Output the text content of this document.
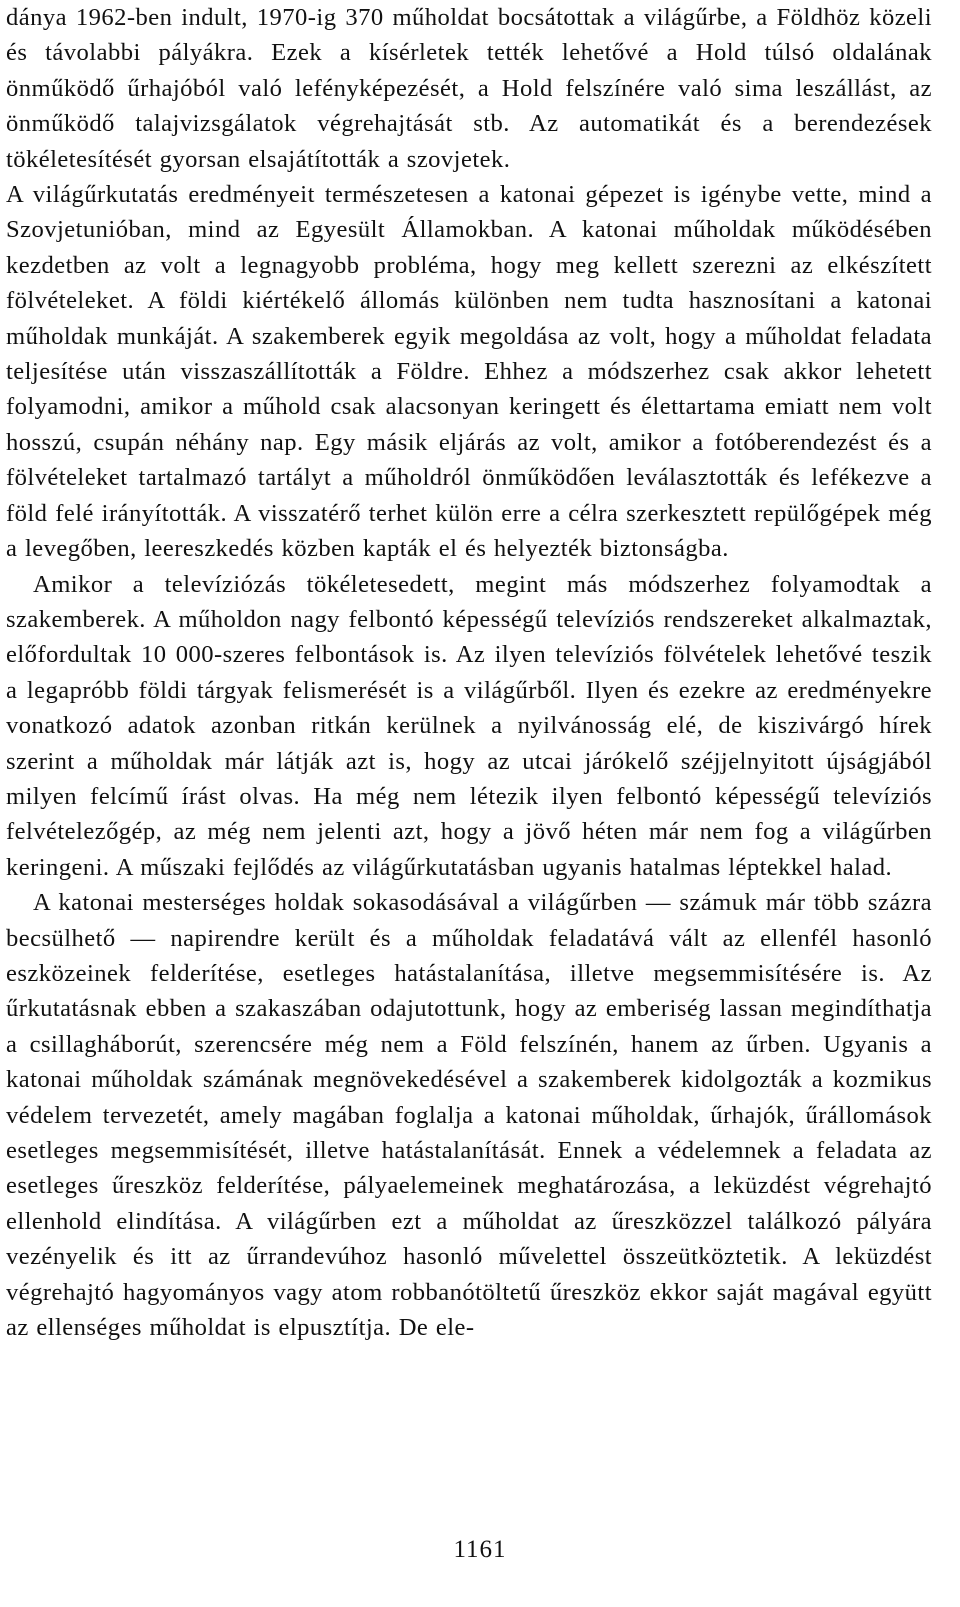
dánya 1962-ben indult, 1970-ig 370 műholdat bocsátottak a világűrbe, a Földhöz közeli és távolabbi pályákra. Ezek a kísérletek tették lehetővé a Hold túlsó oldalának önműködő űrhajóból való lefényképezését, a Hold felszínére való sima leszállást, az önműködő talajvizsgálatok végrehajtását stb. Az automatikát és a berendezések tökéletesítését gyorsan elsajátították a szovjetek.

A világűrkutatás eredményeit természetesen a katonai gépezet is igénybe vette, mind a Szovjetunióban, mind az Egyesült Államokban. A katonai műholdak működésében kezdetben az volt a legnagyobb probléma, hogy meg kellett szerezni az elkészített fölvételeket. A földi kiértékelő állomás különben nem tudta hasznosítani a katonai műholdak munkáját. A szakemberek egyik megoldása az volt, hogy a műholdat feladata teljesítése után visszaszállították a Földre. Ehhez a módszerhez csak akkor lehetett folyamodni, amikor a műhold csak alacsonyan keringett és élettartama emiatt nem volt hosszú, csupán néhány nap. Egy másik eljárás az volt, amikor a fotóberendezést és a fölvételeket tartalmazó tartályt a műholdról önműködően leválasztották és lefékezve a föld felé irányították. A visszatérő terhet külön erre a célra szerkesztett repülőgépek még a levegőben, leereszkedés közben kapták el és helyezték biztonságba.

Amikor a televíziózás tökéletesedett, megint más módszerhez folyamodtak a szakemberek. A műholdon nagy felbontó képességű televíziós rendszereket alkalmaztak, előfordultak 10 000-szeres felbontások is. Az ilyen televíziós fölvételek lehetővé teszik a legapróbb földi tárgyak felismerését is a világűrből. Ilyen és ezekre az eredményekre vonatkozó adatok azonban ritkán kerülnek a nyilvánosság elé, de kiszivárgó hírek szerint a műholdak már látják azt is, hogy az utcai járókelő széjjelnyitott újságjából milyen felcímű írást olvas. Ha még nem létezik ilyen felbontó képességű televíziós felvételezőgép, az még nem jelenti azt, hogy a jövő héten már nem fog a világűrben keringeni. A műszaki fejlődés az világűrkutatásban ugyanis hatalmas léptekkel halad.

A katonai mesterséges holdak sokasodásával a világűrben — számuk már több százra becsülhető — napirendre került és a műholdak feladatává vált az ellenfél hasonló eszközeinek felderítése, esetleges hatástalanítása, illetve megsemmisítésére is. Az űrkutatásnak ebben a szakaszában odajutottunk, hogy az emberiség lassan megindíthatja a csillagháborút, szerencsére még nem a Föld felszínén, hanem az űrben. Ugyanis a katonai műholdak számának megnövekedésével a szakemberek kidolgozták a kozmikus védelem tervezetét, amely magában foglalja a katonai műholdak, űrhajók, űrállomások esetleges megsemmisítését, illetve hatástalanítását. Ennek a védelemnek a feladata az esetleges űreszköz felderítése, pályaelemeinek meghatározása, a leküzdést végrehajtó ellenhold elindítása. A világűrben ezt a műholdat az űreszközzel találkozó pályára vezényelik és itt az űrrandevúhoz hasonló művelettel összeütköztetik. A leküzdést végrehajtó hagyományos vagy atom robbanótöltetű űreszköz ekkor saját magával együtt az ellenséges műholdat is elpusztítja. De ele-

1161
